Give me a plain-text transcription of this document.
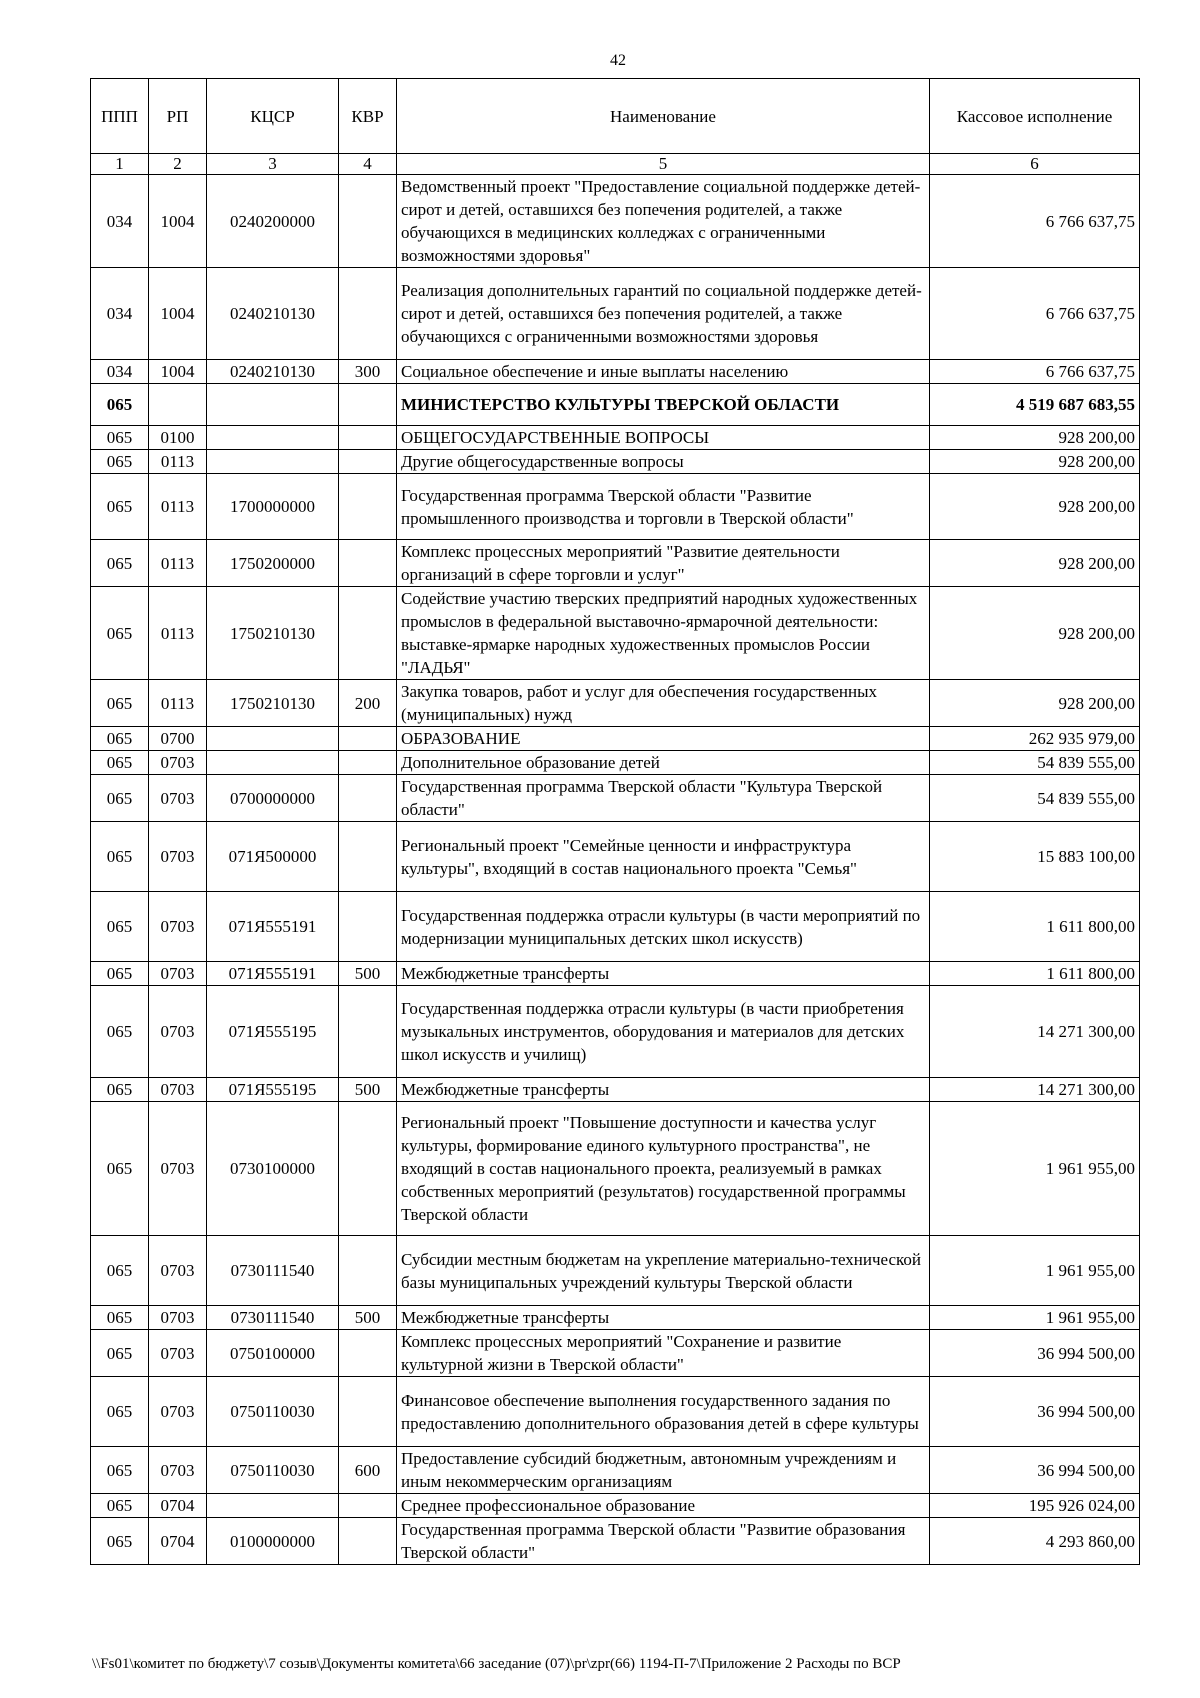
42
ППП	РП	КЦСР	КВР	Наименование	Кассовое исполнение
1	2	3	4	5	6
034	1004	0240200000		Ведомственный проект "Предоставление социальной поддержке детей-сирот и детей, оставшихся без попечения родителей, а также обучающихся в медицинских колледжах с ограниченными возможностями здоровья"	6 766 637,75
034	1004	0240210130		Реализация дополнительных гарантий по социальной поддержке детей-сирот и детей, оставшихся без попечения родителей, а также обучающихся с ограниченными возможностями здоровья	6 766 637,75
034	1004	0240210130	300	Социальное обеспечение и иные выплаты населению	6 766 637,75
065				МИНИСТЕРСТВО КУЛЬТУРЫ ТВЕРСКОЙ ОБЛАСТИ	4 519 687 683,55
065	0100			ОБЩЕГОСУДАРСТВЕННЫЕ ВОПРОСЫ	928 200,00
065	0113			Другие общегосударственные вопросы	928 200,00
065	0113	1700000000		Государственная программа Тверской области "Развитие промышленного производства и торговли в Тверской области"	928 200,00
065	0113	1750200000		Комплекс процессных мероприятий "Развитие деятельности организаций в сфере торговли и услуг"	928 200,00
065	0113	1750210130		Содействие участию тверских предприятий народных художественных промыслов в федеральной выставочно-ярмарочной деятельности: выставке-ярмарке народных художественных промыслов России "ЛАДЬЯ"	928 200,00
065	0113	1750210130	200	Закупка товаров, работ и услуг для обеспечения государственных (муниципальных) нужд	928 200,00
065	0700			ОБРАЗОВАНИЕ	262 935 979,00
065	0703			Дополнительное образование детей	54 839 555,00
065	0703	0700000000		Государственная программа Тверской области "Культура Тверской области"	54 839 555,00
065	0703	071Я500000		Региональный проект "Семейные ценности и инфраструктура культуры", входящий в состав национального проекта "Семья"	15 883 100,00
065	0703	071Я555191		Государственная поддержка отрасли культуры (в части мероприятий по модернизации муниципальных детских школ искусств)	1 611 800,00
065	0703	071Я555191	500	Межбюджетные трансферты	1 611 800,00
065	0703	071Я555195		Государственная поддержка отрасли культуры (в части приобретения музыкальных инструментов, оборудования и материалов для детских школ искусств и училищ)	14 271 300,00
065	0703	071Я555195	500	Межбюджетные трансферты	14 271 300,00
065	0703	0730100000		Региональный проект "Повышение доступности и качества услуг культуры, формирование единого культурного пространства", не входящий в состав национального проекта, реализуемый в рамках собственных мероприятий (результатов) государственной программы Тверской области	1 961 955,00
065	0703	0730111540		Субсидии местным бюджетам на укрепление материально-технической базы муниципальных учреждений культуры Тверской области	1 961 955,00
065	0703	0730111540	500	Межбюджетные трансферты	1 961 955,00
065	0703	0750100000		Комплекс процессных мероприятий "Сохранение и развитие культурной жизни в Тверской области"	36 994 500,00
065	0703	0750110030		Финансовое обеспечение выполнения государственного задания по предоставлению дополнительного образования детей в сфере культуры	36 994 500,00
065	0703	0750110030	600	Предоставление субсидий бюджетным, автономным учреждениям и иным некоммерческим организациям	36 994 500,00
065	0704			Среднее профессиональное образование	195 926 024,00
065	0704	0100000000		Государственная программа Тверской области "Развитие образования Тверской области"	4 293 860,00
\\Fs01\комитет по бюджету\7 созыв\Документы комитета\66 заседание (07)\pr\zpr(66) 1194-П-7\Приложение 2 Расходы по ВСР
